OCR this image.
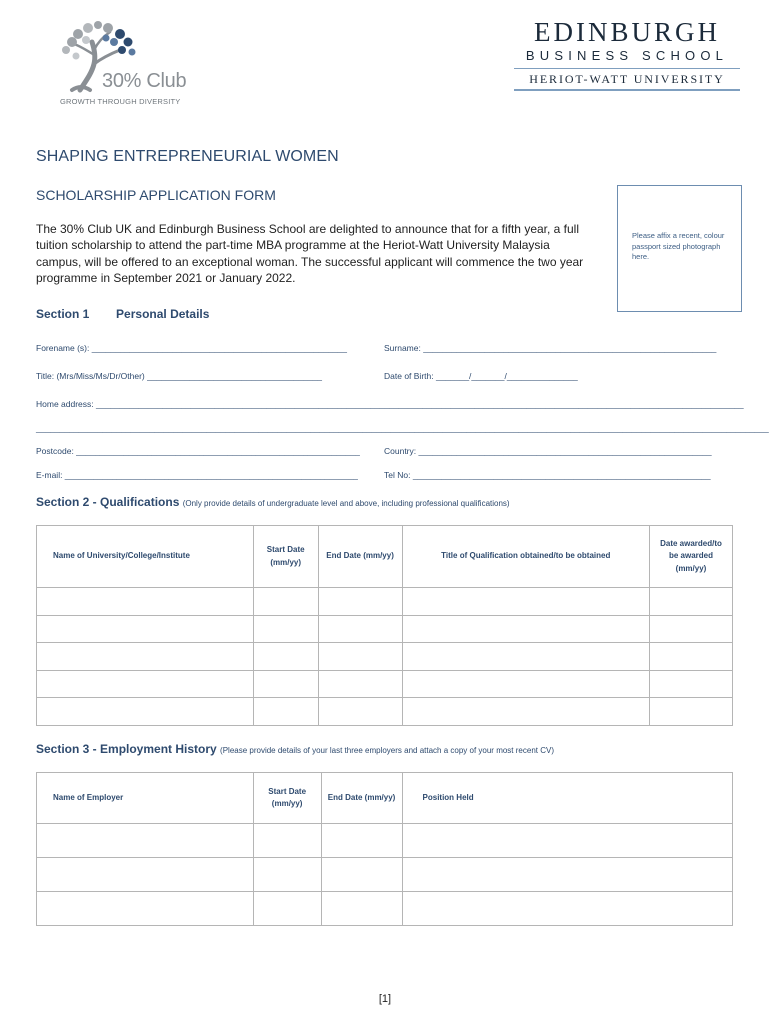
30% Club
GROWTH THROUGH DIVERSITY
EDINBURGH
BUSINESS SCHOOL
HERIOT-WATT UNIVERSITY
SHAPING ENTREPRENEURIAL WOMEN
SCHOLARSHIP APPLICATION FORM
The 30% Club UK and Edinburgh Business School are delighted to announce that for a fifth year, a full tuition scholarship to attend the part-time MBA programme at the Heriot-Watt University Malaysia campus, will be offered to an exceptional woman. The successful applicant will commence the two year programme in September 2021 or January 2022.
Please affix a recent, colour passport sized photograph here.
Section 1 Personal Details
Forename (s): ______________________________________________________	Surname: ______________________________________________________________
Title: (Mrs/Miss/Ms/Dr/Other) _____________________________________	Date of Birth: _______/_______/_______________
Home address: _________________________________________________________________________________________________________________________________________
___________________________________________________________________________________________________________________________________________________________
Postcode: ____________________________________________________________	Country: ______________________________________________________________
E-mail: ______________________________________________________________	Tel No: _______________________________________________________________
Section 2 - Qualifications (Only provide details of undergraduate level and above, including professional qualifications)
Name of University/College/Institute	Start Date (mm/yy)	End Date (mm/yy)	Title of Qualification obtained/to be obtained	Date awarded/to be awarded (mm/yy)

Section 3 - Employment History (Please provide details of your last three employers and attach a copy of your most recent CV)
Name of Employer	Start Date (mm/yy)	End Date (mm/yy)	Position Held

[1]
